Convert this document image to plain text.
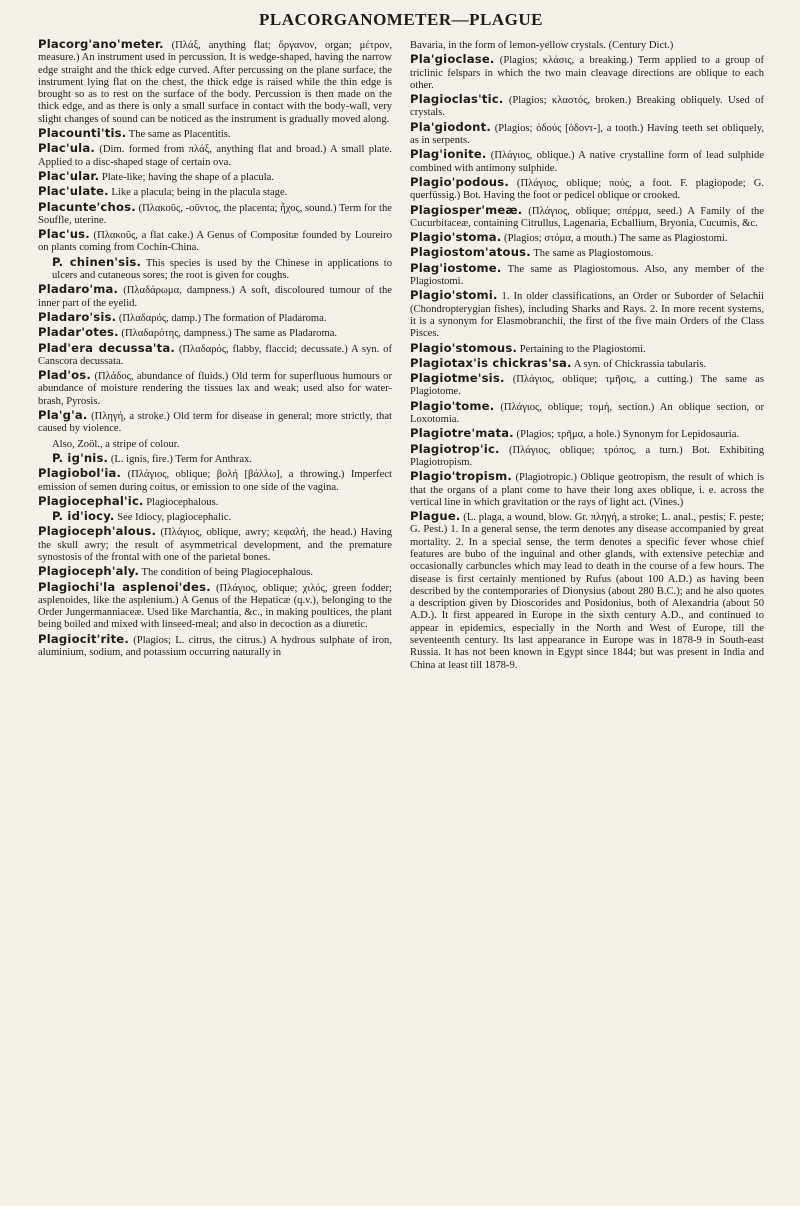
PLACORGANOMETER—PLAGUE

Placorg'ano'meter. (Πλάξ, anything flat; ὄργανον, organ; μέτρον, measure.) An instrument used in percussion. It is wedge-shaped, having the narrow edge straight and the thick edge curved. After percussing on the plane surface, the instrument lying flat on the chest, the thick edge is raised while the thin edge is brought so as to rest on the surface of the body. Percussion is then made on the thick edge, and as there is only a small surface in contact with the body-wall, very slight changes of sound can be noticed as the instrument is gradually moved along.

Placounti'tis. The same as Placentitis.

Plac'ula. (Dim. formed from πλάξ, anything flat and broad.) A small plate. Applied to a disc-shaped stage of certain ova.

Plac'ular. Plate-like; having the shape of a placula.

Plac'ulate. Like a placula; being in the placula stage.

Placunte'chos. (Πλακοῦς, -οῦντος, the placenta; ἦχος, sound.) Term for the Souffle, uterine.

Plac'us. (Πλακοῦς, a flat cake.) A Genus of Compositæ founded by Loureiro on plants coming from Cochin-China.

P. chinen'sis. This species is used by the Chinese in applications to ulcers and cutaneous sores; the root is given for coughs.

Pladaro'ma. (Πλαδάρωμα, dampness.) A soft, discoloured tumour of the inner part of the eyelid.

Pladaro'sis. (Πλαδαρός, damp.) The formation of Pladaroma.

Pladar'otes. (Πλαδαρότης, dampness.) The same as Pladaroma.

Plad'era decussa'ta. (Πλαδαρός, flabby, flaccid; decussate.) A syn. of Canscora decussata.

Plad'os. (Πλάδος, abundance of fluids.) Old term for superfluous humours or abundance of moisture rendering the tissues lax and weak; used also for water-brash, Pyrosis.

Pla'g'a. (Πληγή, a stroke.) Old term for disease in general; more strictly, that caused by violence.

Also, Zoöl., a stripe of colour.

P. ig'nis. (L. ignis, fire.) Term for Anthrax.

Plagiobol'ia. (Πλάγιος, oblique; βολή [βάλλω], a throwing.) Imperfect emission of semen during coitus, or emission to one side of the vagina.

Plagiocephal'ic. Plagiocephalous.

P. id'iocy. See Idiocy, plagiocephalic.

Plagioceph'alous. (Πλάγιος, oblique, awry; κεφαλή, the head.) Having the skull awry; the result of asymmetrical development, and the premature synostosis of the frontal with one of the parietal bones.

Plagioceph'aly. The condition of being Plagiocephalous.

Plagiochi'la asplenoi'des. (Πλάγιος, oblique; χιλός, green fodder; asplenoides, like the asplenium.) A Genus of the Hepaticæ (q.v.), belonging to the Order Jungermanniaceæ. Used like Marchantia, &c., in making poultices, the plant being boiled and mixed with linseed-meal; and also in decoction as a diuretic.

Plagiocit'rite. (Plagios; L. citrus, the citrus.) A hydrous sulphate of iron, aluminium, sodium, and potassium occurring naturally in

Bavaria, in the form of lemon-yellow crystals. (Century Dict.)

Pla'gioclase. (Plagios; κλάσις, a breaking.) Term applied to a group of triclinic felspars in which the two main cleavage directions are oblique to each other.

Plagioclas'tic. (Plagios; κλαστός, broken.) Breaking obliquely. Used of crystals.

Pla'giodont. (Plagios; ὀδούς [ὀδοντ-], a tooth.) Having teeth set obliquely, as in serpents.

Plag'ionite. (Πλάγιος, oblique.) A native crystalline form of lead sulphide combined with antimony sulphide.

Plagio'podous. (Πλάγιος, oblique; πούς, a foot. F. plagiopode; G. querfüssig.) Bot. Having the foot or pedicel oblique or crooked.

Plagiosper'meæ. (Πλάγιος, oblique; σπέρμα, seed.) A Family of the Cucurbitaceæ, containing Citrullus, Lagenaria, Ecballium, Bryonia, Cucumis, &c.

Plagio'stoma. (Plagios; στόμα, a mouth.) The same as Plagiostomi.

Plagiostom'atous. The same as Plagiostomous.

Plag'iostome. The same as Plagiostomous. Also, any member of the Plagiostomi.

Plagio'stomi. 1. In older classifications, an Order or Suborder of Selachii (Chondropterygian fishes), including Sharks and Rays. 2. In more recent systems, it is a synonym for Elasmobranchii, the first of the five main Orders of the Class Pisces.

Plagio'stomous. Pertaining to the Plagiostomi.

Plagiotax'is chickras'sa. A syn. of Chickrassia tabularis.

Plagiotme'sis. (Πλάγιος, oblique; τμῆσις, a cutting.) The same as Plagiotome.

Plagio'tome. (Πλάγιος, oblique; τομή, section.) An oblique section, or Loxotomia.

Plagiotre'mata. (Plagios; τρῆμα, a hole.) Synonym for Lepidosauria.

Plagiotrop'ic. (Πλάγιος, oblique; τρόπος, a turn.) Bot. Exhibiting Plagiotropism.

Plagio'tropism. (Plagiotropic.) Oblique geotropism, the result of which is that the organs of a plant come to have their long axes oblique, i. e. across the vertical line in which gravitation or the rays of light act. (Vines.)

Plague. (L. plaga, a wound, blow. Gr. πληγή, a stroke; L. anal., pestis; F. peste; G. Pest.) 1. In a general sense, the term denotes any disease accompanied by great mortality. 2. In a special sense, the term denotes a specific fever whose chief features are bubo of the inguinal and other glands, with extensive petechiæ and occasionally carbuncles which may lead to death in the course of a few hours. The disease is first certainly mentioned by Rufus (about 100 A.D.) as having been described by the contemporaries of Dionysius (about 280 B.C.); and he also quotes a description given by Dioscorides and Posidonius, both of Alexandria (about 50 A.D.). It first appeared in Europe in the sixth century A.D., and continued to appear in epidemics, especially in the North and West of Europe, till the seventeenth century. Its last appearance in Europe was in 1878-9 in South-east Russia. It has not been known in Egypt since 1844; but was present in India and China at least till 1878-9.
